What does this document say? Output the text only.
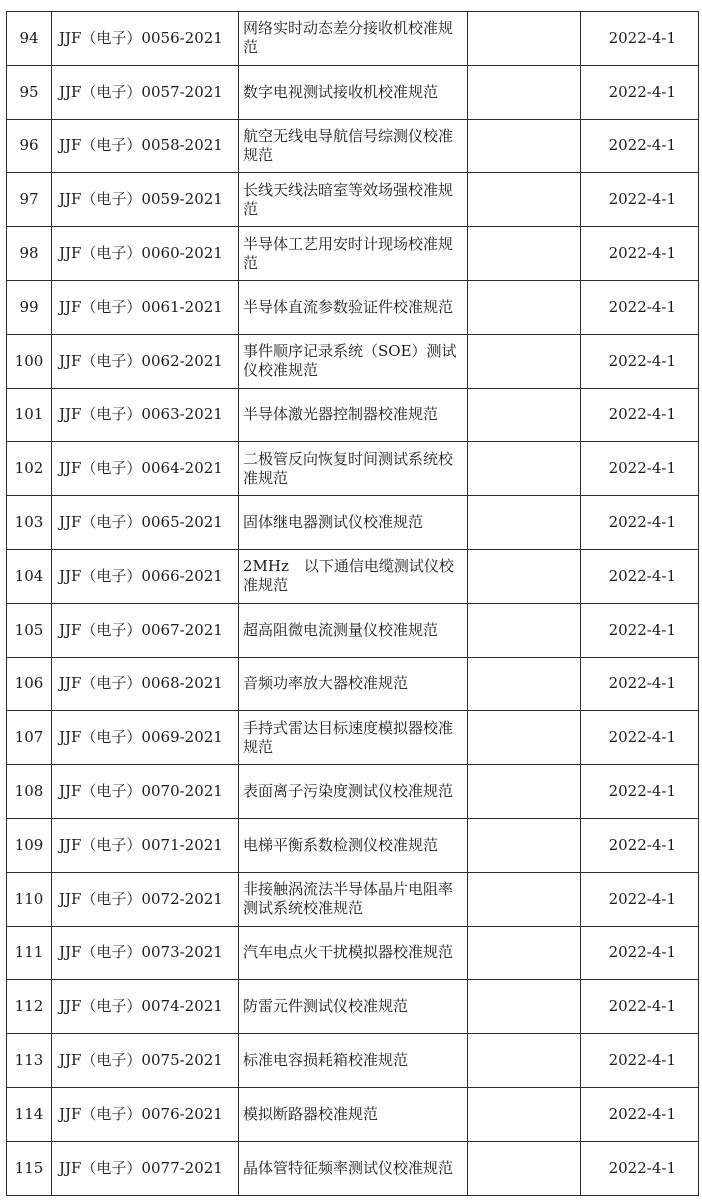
94	JJF（电子）0056-2021	网络实时动态差分接收机校准规范		2022-4-1
95	JJF（电子）0057-2021	数字电视测试接收机校准规范		2022-4-1
96	JJF（电子）0058-2021	航空无线电导航信号综测仪校准规范		2022-4-1
97	JJF（电子）0059-2021	长线天线法暗室等效场强校准规范		2022-4-1
98	JJF（电子）0060-2021	半导体工艺用安时计现场校准规范		2022-4-1
99	JJF（电子）0061-2021	半导体直流参数验证件校准规范		2022-4-1
100	JJF（电子）0062-2021	事件顺序记录系统（SOE）测试仪校准规范		2022-4-1
101	JJF（电子）0063-2021	半导体激光器控制器校准规范		2022-4-1
102	JJF（电子）0064-2021	二极管反向恢复时间测试系统校准规范		2022-4-1
103	JJF（电子）0065-2021	固体继电器测试仪校准规范		2022-4-1
104	JJF（电子）0066-2021	2MHz　以下通信电缆测试仪校准规范		2022-4-1
105	JJF（电子）0067-2021	超高阻微电流测量仪校准规范		2022-4-1
106	JJF（电子）0068-2021	音频功率放大器校准规范		2022-4-1
107	JJF（电子）0069-2021	手持式雷达目标速度模拟器校准规范		2022-4-1
108	JJF（电子）0070-2021	表面离子污染度测试仪校准规范		2022-4-1
109	JJF（电子）0071-2021	电梯平衡系数检测仪校准规范		2022-4-1
110	JJF（电子）0072-2021	非接触涡流法半导体晶片电阻率测试系统校准规范		2022-4-1
111	JJF（电子）0073-2021	汽车电点火干扰模拟器校准规范		2022-4-1
112	JJF（电子）0074-2021	防雷元件测试仪校准规范		2022-4-1
113	JJF（电子）0075-2021	标准电容损耗箱校准规范		2022-4-1
114	JJF（电子）0076-2021	模拟断路器校准规范		2022-4-1
115	JJF（电子）0077-2021	晶体管特征频率测试仪校准规范		2022-4-1
